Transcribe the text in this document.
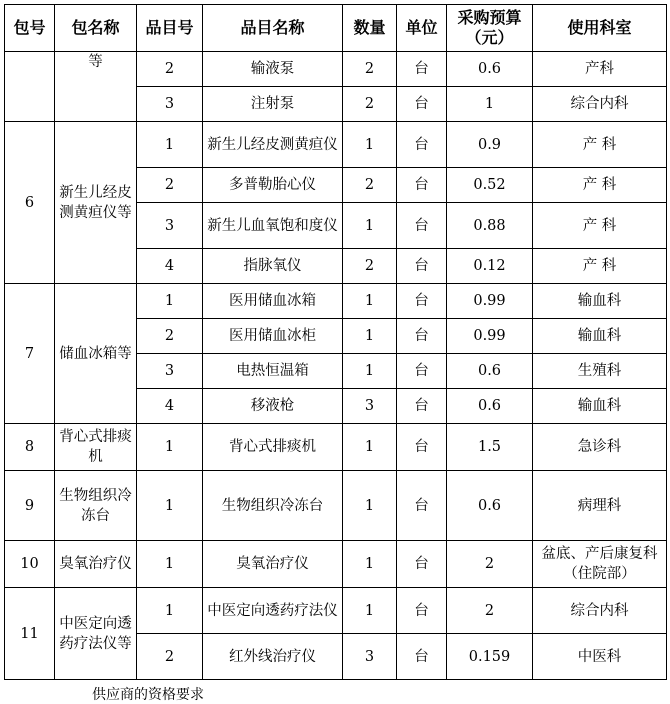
包号	包名称	品目号	品目名称	数量	单位	采购预算（元）	使用科室
	等	2	输液泵	2	台	0.6	产科
		3	注射泵	2	台	1	综合内科
6	新生儿经皮测黄疸仪等	1	新生儿经皮测黄疸仪	1	台	0.9	产 科
		2	多普勒胎心仪	2	台	0.52	产 科
		3	新生儿血氧饱和度仪	1	台	0.88	产 科
		4	指脉氧仪	2	台	0.12	产 科
7	储血冰箱等	1	医用储血冰箱	1	台	0.99	输血科
		2	医用储血冰柜	1	台	0.99	输血科
		3	电热恒温箱	1	台	0.6	生殖科
		4	移液枪	3	台	0.6	输血科
8	背心式排痰机	1	背心式排痰机	1	台	1.5	急诊科
9	生物组织冷冻台	1	生物组织冷冻台	1	台	0.6	病理科
10	臭氧治疗仪	1	臭氧治疗仪	1	台	2	盆底、产后康复科（住院部）
11	中医定向透药疗法仪等	1	中医定向透药疗法仪	1	台	2	综合内科
		2	红外线治疗仪	3	台	0.159	中医科
供应商的资格要求
